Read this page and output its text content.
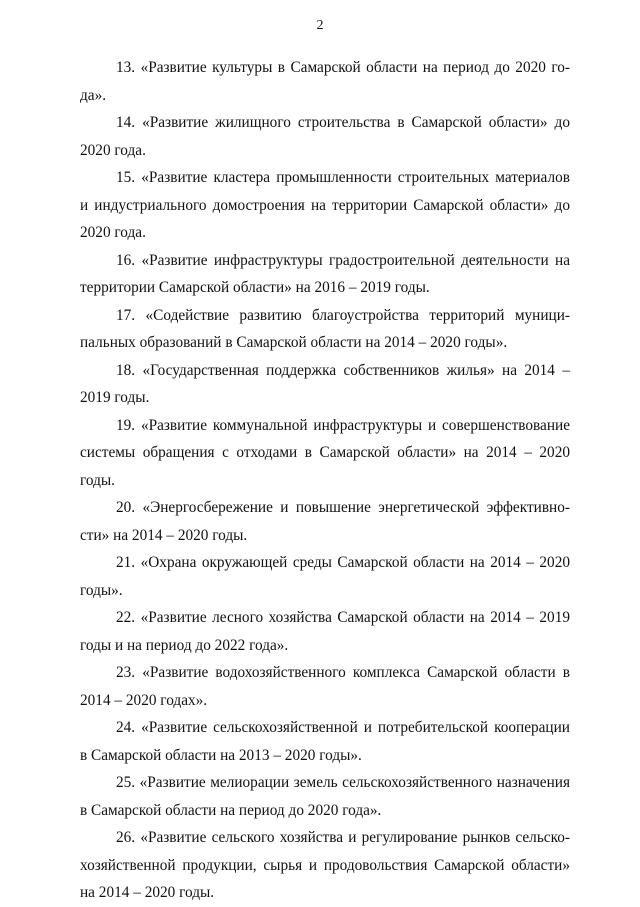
2

13. «Развитие культуры в Самарской области на период до 2020 года».

14. «Развитие жилищного строительства в Самарской области» до 2020 года.

15. «Развитие кластера промышленности строительных материалов и индустриального домостроения на территории Самарской области» до 2020 года.

16. «Развитие инфраструктуры градостроительной деятельности на территории Самарской области» на 2016 – 2019 годы.

17. «Содействие развитию благоустройства территорий муниципальных образований в Самарской области на 2014 – 2020 годы».

18. «Государственная поддержка собственников жилья» на 2014 – 2019 годы.

19. «Развитие коммунальной инфраструктуры и совершенствование системы обращения с отходами в Самарской области» на 2014 – 2020 годы.

20. «Энергосбережение и повышение энергетической эффективности» на 2014 – 2020 годы.

21. «Охрана окружающей среды Самарской области на 2014 – 2020 годы».

22. «Развитие лесного хозяйства Самарской области на 2014 – 2019 годы и на период до 2022 года».

23. «Развитие водохозяйственного комплекса Самарской области в 2014 – 2020 годах».

24. «Развитие сельскохозяйственной и потребительской кооперации в Самарской области на 2013 – 2020 годы».

25. «Развитие мелиорации земель сельскохозяйственного назначения в Самарской области на период до 2020 года».

26. «Развитие сельского хозяйства и регулирование рынков сельскохозяйственной продукции, сырья и продовольствия Самарской области» на 2014 – 2020 годы.
